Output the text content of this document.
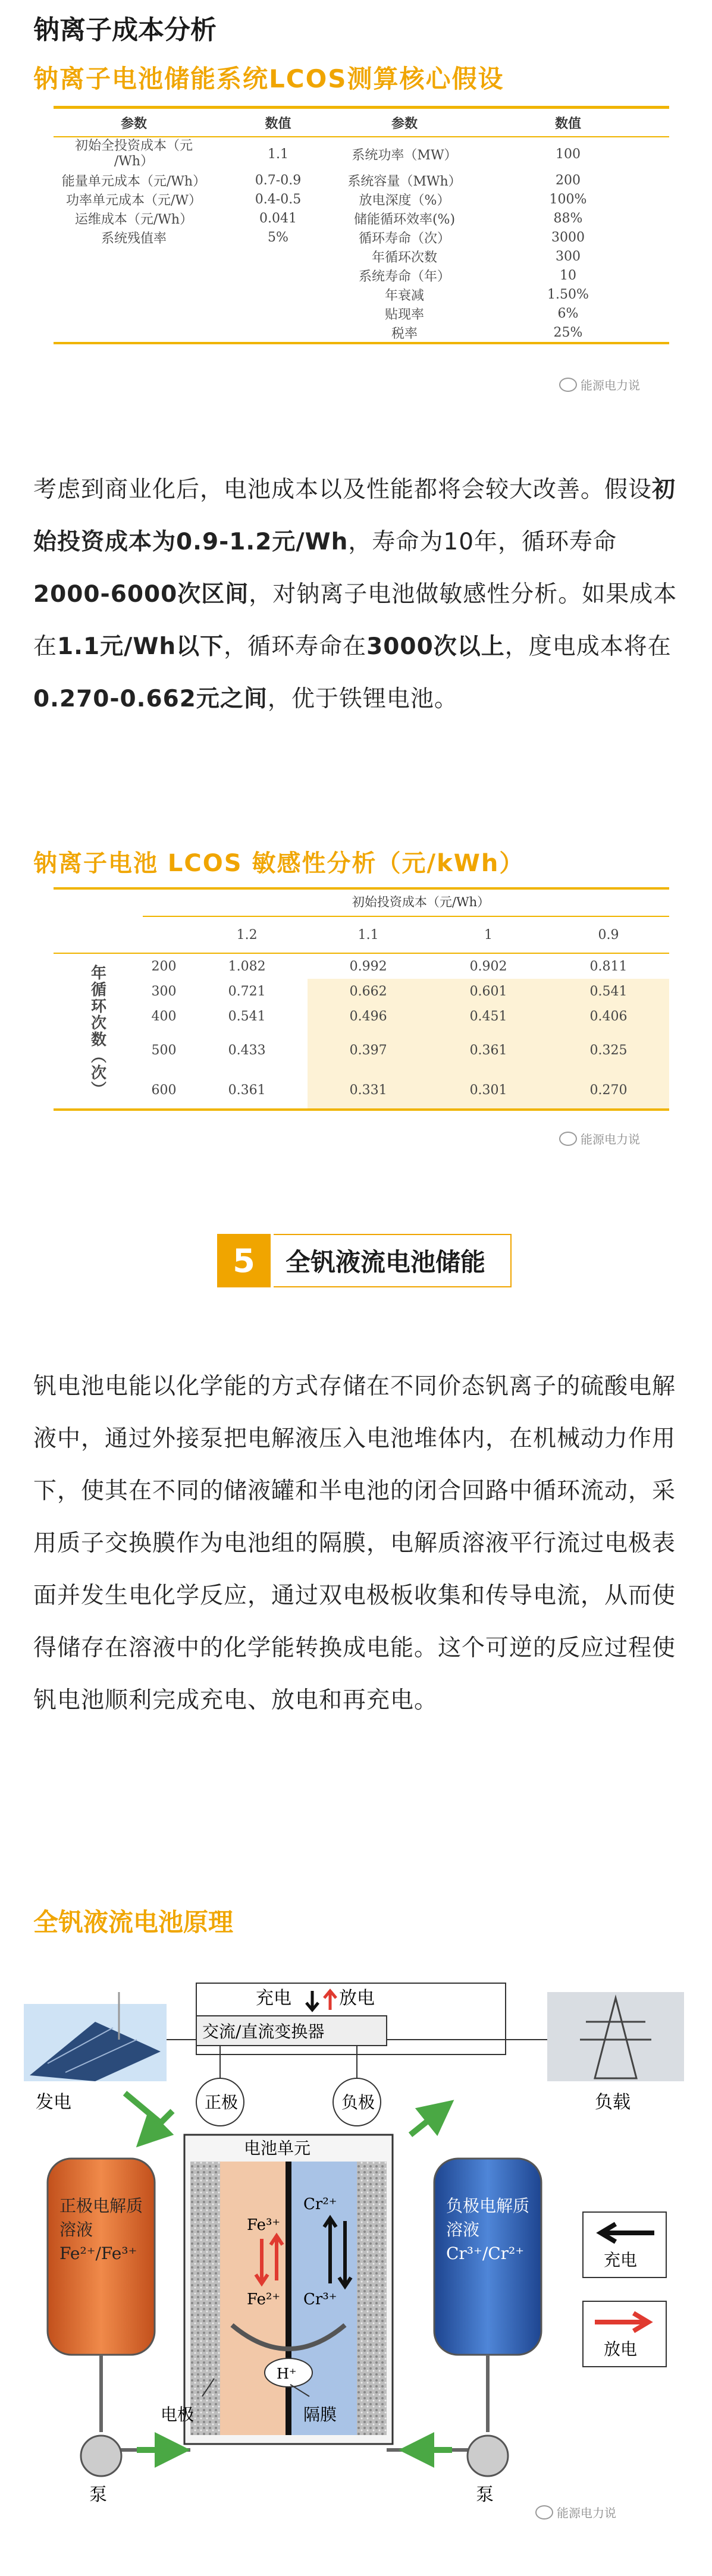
钠离子成本分析
钠离子电池储能系统LCOS测算核心假设
参数	数值	参数	数值
初始全投资成本（元
/Wh）	1.1	系统功率（MW）	100
能量单元成本（元/Wh）	0.7-0.9	系统容量（MWh）	200
功率单元成本（元/W）	0.4-0.5	放电深度（%）	100%
运维成本（元/Wh）	0.041	储能循环效率(%)	88%
系统残值率	5%	循环寿命（次）	3000
		年循环次数	300
		系统寿命（年）	10
		年衰减	1.50%
		贴现率	6%
		税率	25%
能源电力说
考虑到商业化后，电池成本以及性能都将会较大改善。假设初始投资成本为0.9-1.2元/Wh，寿命为10年，循环寿命2000-6000次区间，对钠离子电池做敏感性分析。如果成本在1.1元/Wh以下，循环寿命在3000次以上，度电成本将在0.270-0.662元之间，优于铁锂电池。
钠离子电池 LCOS 敏感性分析（元/kWh）
初始投资成本（元/Wh）
		1.2	1.1	1	0.9
年循环次数（次）	200	1.082	0.992	0.902	0.811
	300	0.721	0.662	0.601	0.541
	400	0.541	0.496	0.451	0.406
	500	0.433	0.397	0.361	0.325
	600	0.361	0.331	0.301	0.270
能源电力说
5	全钒液流电池储能
钒电池电能以化学能的方式存储在不同价态钒离子的硫酸电解液中，通过外接泵把电解液压入电池堆体内，在机械动力作用下，使其在不同的储液罐和半电池的闭合回路中循环流动，采用质子交换膜作为电池组的隔膜，电解质溶液平行流过电极表面并发生电化学反应，通过双电极板收集和传导电流，从而使得储存在溶液中的化学能转换成电能。这个可逆的反应过程使钒电池顺利完成充电、放电和再充电。
全钒液流电池原理
发电	负载
充电	放电
交流/直流变换器
正极	负极
电池单元
Fe³⁺
Fe²⁺
Cr²⁺
Cr³⁺
H⁺
电极	隔膜
正极电解质溶液 Fe²⁺/Fe³⁺
负极电解质溶液 Cr³⁺/Cr²⁺
泵	泵
充电
放电
能源电力说
